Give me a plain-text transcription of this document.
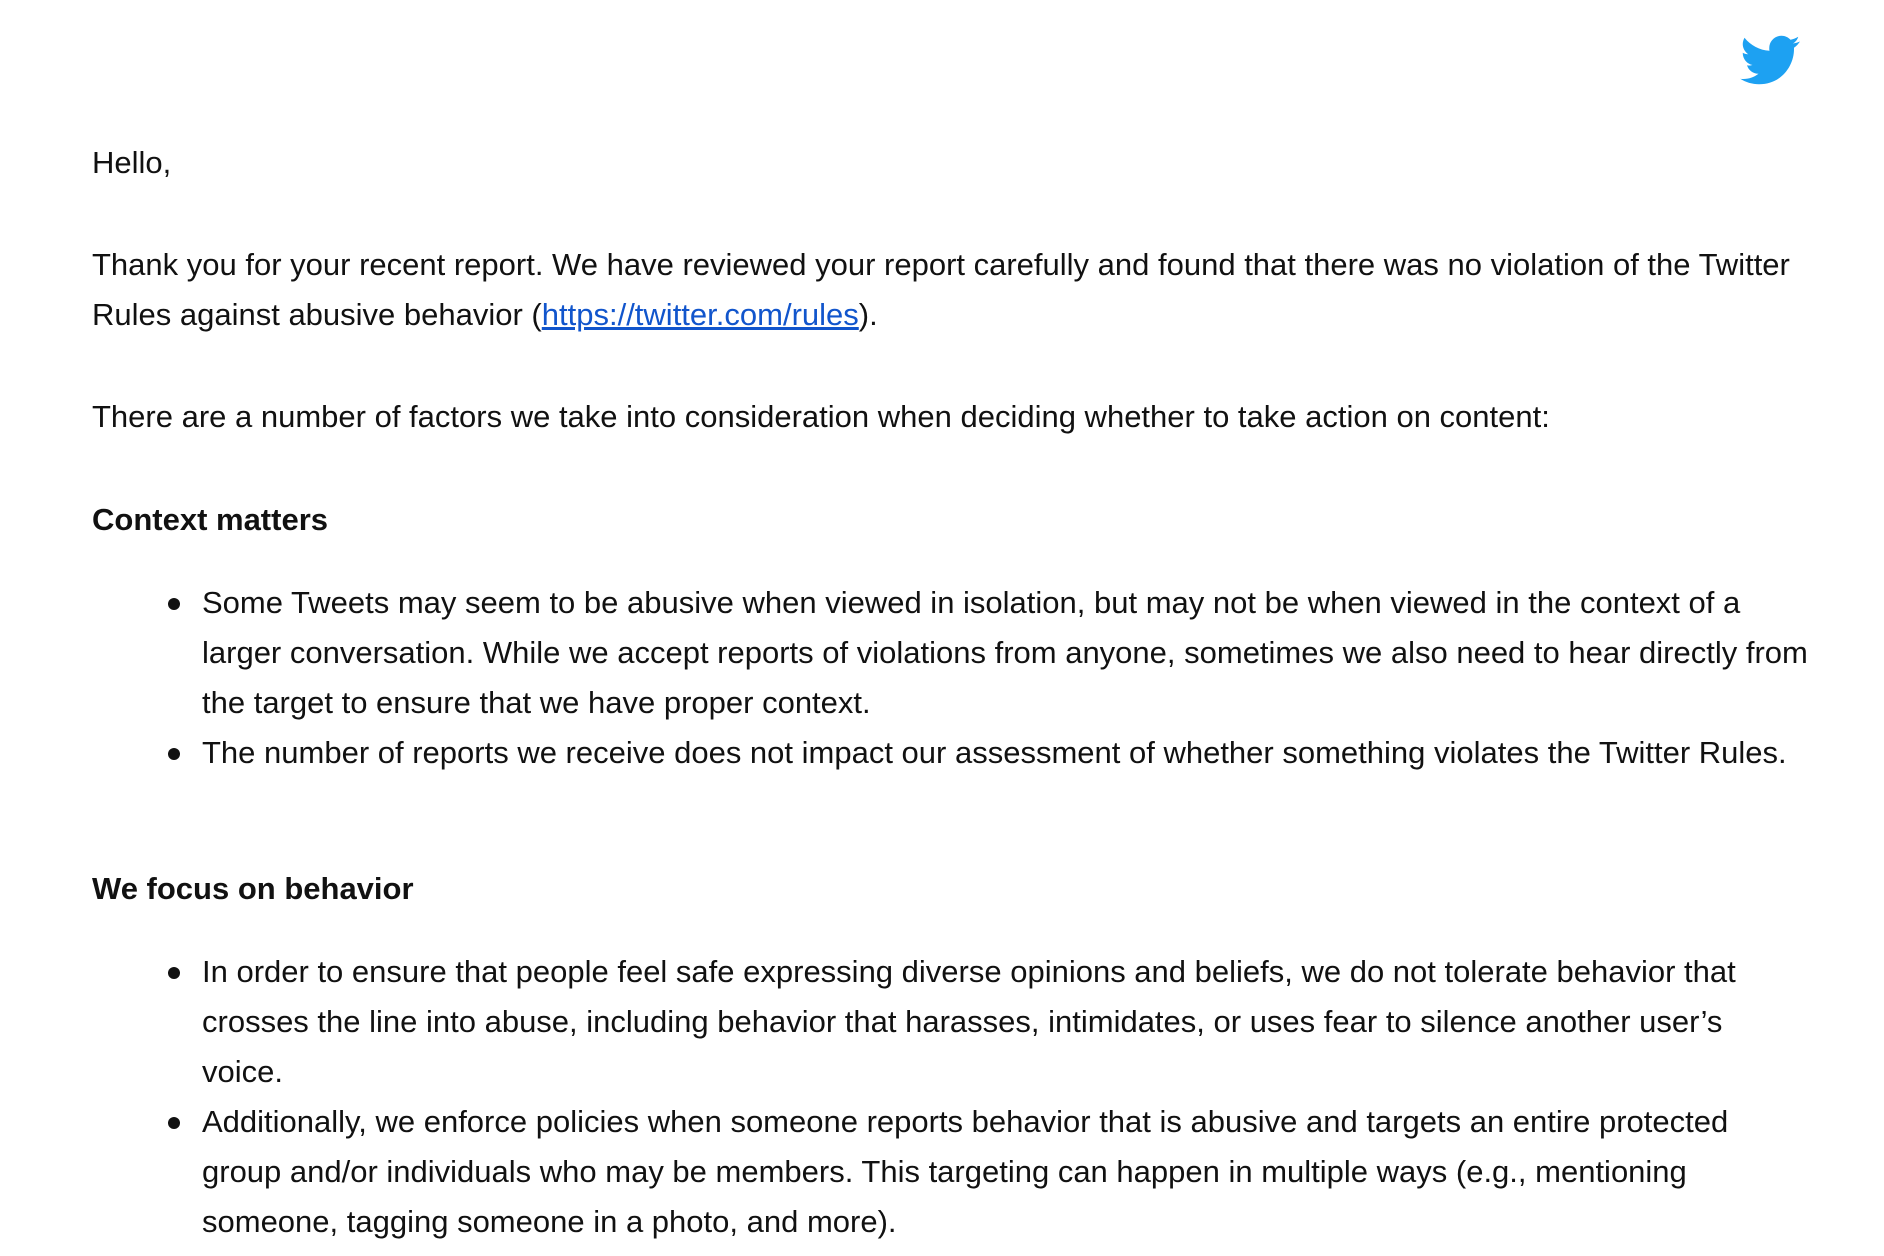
Hello,

Thank you for your recent report. We have reviewed your report carefully and found that there was no violation of the Twitter Rules against abusive behavior (https://twitter.com/rules).

There are a number of factors we take into consideration when deciding whether to take action on content:

Context matters
Some Tweets may seem to be abusive when viewed in isolation, but may not be when viewed in the context of a larger conversation. While we accept reports of violations from anyone, sometimes we also need to hear directly from the target to ensure that we have proper context.
The number of reports we receive does not impact our assessment of whether something violates the Twitter Rules.
We focus on behavior
In order to ensure that people feel safe expressing diverse opinions and beliefs, we do not tolerate behavior that crosses the line into abuse, including behavior that harasses, intimidates, or uses fear to silence another user’s voice.
Additionally, we enforce policies when someone reports behavior that is abusive and targets an entire protected group and/or individuals who may be members. This targeting can happen in multiple ways (e.g., mentioning someone, tagging someone in a photo, and more).
